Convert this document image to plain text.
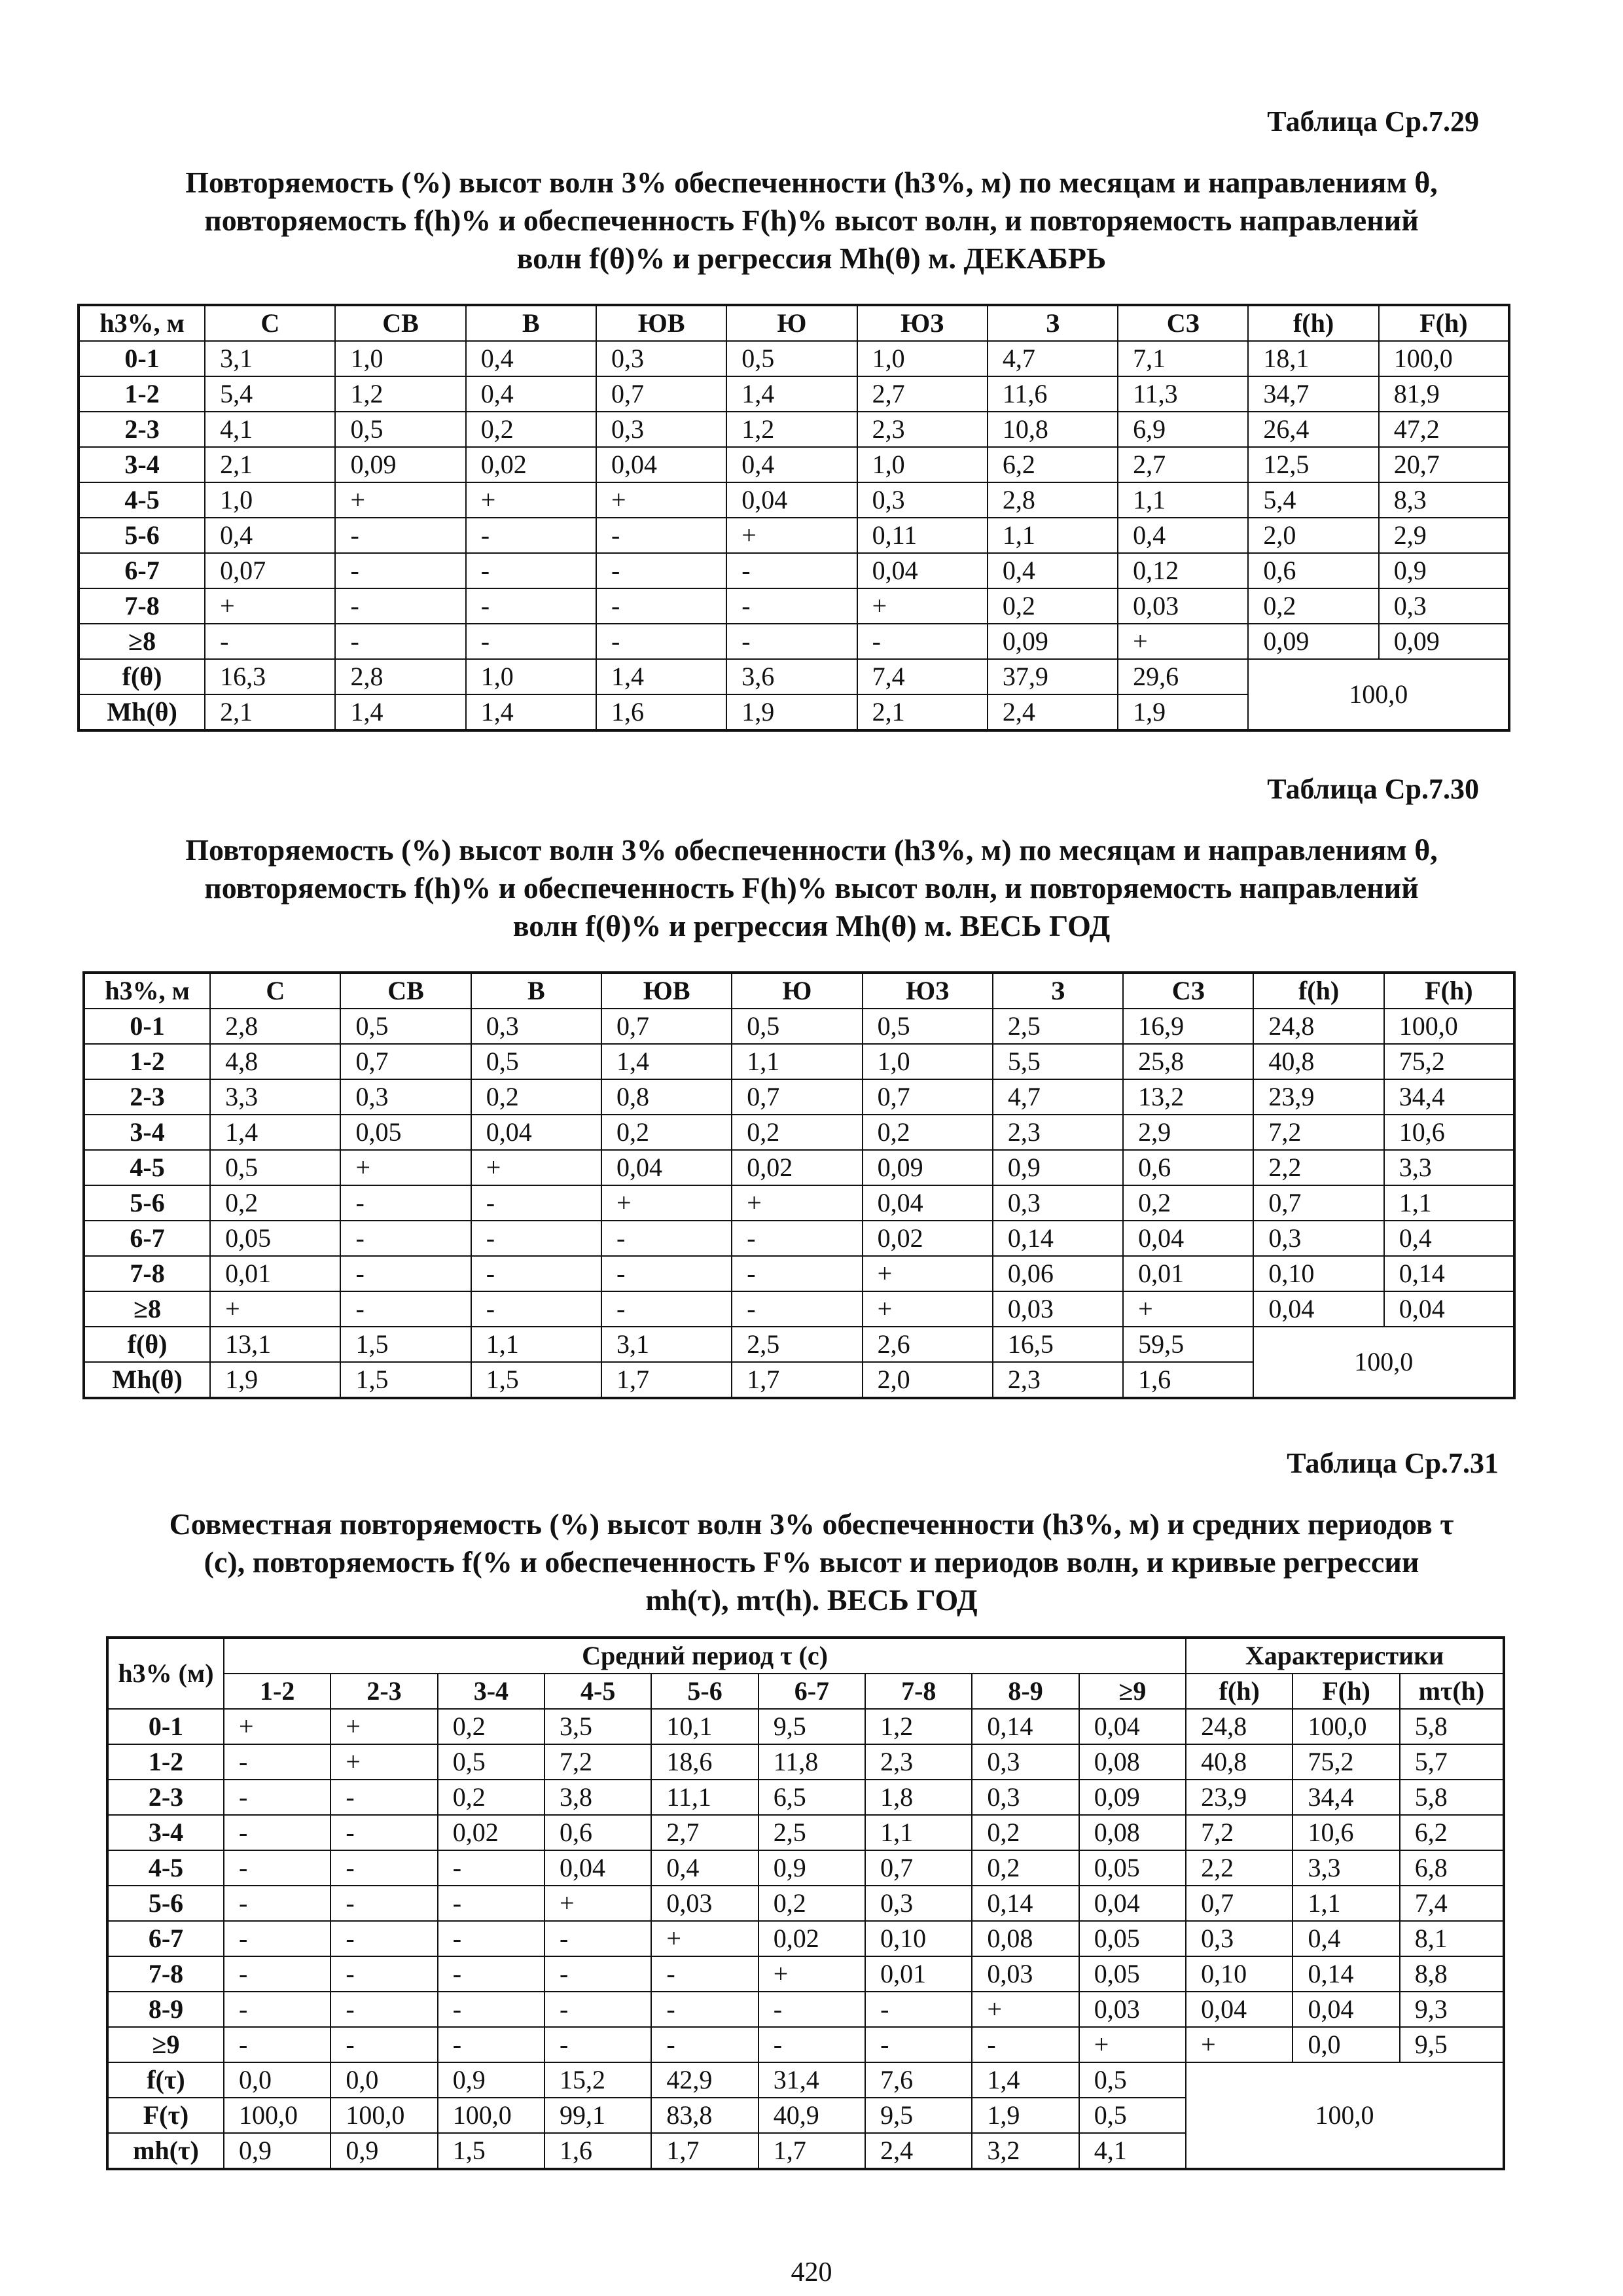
Таблица Ср.7.29
Повторяемость (%) высот волн 3% обеспеченности (h3%, м) по месяцам и направлениям θ,
повторяемость f(h)% и обеспеченность F(h)% высот волн, и повторяемость направлений
волн f(θ)% и регрессия Mh(θ) м. ДЕКАБРЬ
h3%, м	С	СВ	В	ЮВ	Ю	ЮЗ	З	СЗ	f(h)	F(h)
0-1	3,1	1,0	0,4	0,3	0,5	1,0	4,7	7,1	18,1	100,0
1-2	5,4	1,2	0,4	0,7	1,4	2,7	11,6	11,3	34,7	81,9
2-3	4,1	0,5	0,2	0,3	1,2	2,3	10,8	6,9	26,4	47,2
3-4	2,1	0,09	0,02	0,04	0,4	1,0	6,2	2,7	12,5	20,7
4-5	1,0	+	+	+	0,04	0,3	2,8	1,1	5,4	8,3
5-6	0,4	-	-	-	+	0,11	1,1	0,4	2,0	2,9
6-7	0,07	-	-	-	-	0,04	0,4	0,12	0,6	0,9
7-8	+	-	-	-	-	+	0,2	0,03	0,2	0,3
≥8	-	-	-	-	-	-	0,09	+	0,09	0,09
f(θ)	16,3	2,8	1,0	1,4	3,6	7,4	37,9	29,6	100,0	
Mh(θ)	2,1	1,4	1,4	1,6	1,9	2,1	2,4	1,9		
Таблица Ср.7.30
Повторяемость (%) высот волн 3% обеспеченности (h3%, м) по месяцам и направлениям θ,
повторяемость f(h)% и обеспеченность F(h)% высот волн, и повторяемость направлений
волн f(θ)% и регрессия Mh(θ) м. ВЕСЬ ГОД
h3%, м	С	СВ	В	ЮВ	Ю	ЮЗ	З	СЗ	f(h)	F(h)
0-1	2,8	0,5	0,3	0,7	0,5	0,5	2,5	16,9	24,8	100,0
1-2	4,8	0,7	0,5	1,4	1,1	1,0	5,5	25,8	40,8	75,2
2-3	3,3	0,3	0,2	0,8	0,7	0,7	4,7	13,2	23,9	34,4
3-4	1,4	0,05	0,04	0,2	0,2	0,2	2,3	2,9	7,2	10,6
4-5	0,5	+	+	0,04	0,02	0,09	0,9	0,6	2,2	3,3
5-6	0,2	-	-	+	+	0,04	0,3	0,2	0,7	1,1
6-7	0,05	-	-	-	-	0,02	0,14	0,04	0,3	0,4
7-8	0,01	-	-	-	-	+	0,06	0,01	0,10	0,14
≥8	+	-	-	-	-	+	0,03	+	0,04	0,04
f(θ)	13,1	1,5	1,1	3,1	2,5	2,6	16,5	59,5	100,0	
Mh(θ)	1,9	1,5	1,5	1,7	1,7	2,0	2,3	1,6		
Таблица Ср.7.31
Совместная повторяемость (%) высот волн 3% обеспеченности (h3%, м) и средних периодов τ
(с), повторяемость f(% и обеспеченность F% высот и периодов волн, и кривые регрессии
mh(τ), mτ(h). ВЕСЬ ГОД
h3% (м)	Средний период τ (с)									Характеристики		
	1-2	2-3	3-4	4-5	5-6	6-7	7-8	8-9	≥9	f(h)	F(h)	mτ(h)
0-1	+	+	0,2	3,5	10,1	9,5	1,2	0,14	0,04	24,8	100,0	5,8
1-2	-	+	0,5	7,2	18,6	11,8	2,3	0,3	0,08	40,8	75,2	5,7
2-3	-	-	0,2	3,8	11,1	6,5	1,8	0,3	0,09	23,9	34,4	5,8
3-4	-	-	0,02	0,6	2,7	2,5	1,1	0,2	0,08	7,2	10,6	6,2
4-5	-	-	-	0,04	0,4	0,9	0,7	0,2	0,05	2,2	3,3	6,8
5-6	-	-	-	+	0,03	0,2	0,3	0,14	0,04	0,7	1,1	7,4
6-7	-	-	-	-	+	0,02	0,10	0,08	0,05	0,3	0,4	8,1
7-8	-	-	-	-	-	+	0,01	0,03	0,05	0,10	0,14	8,8
8-9	-	-	-	-	-	-	-	+	0,03	0,04	0,04	9,3
≥9	-	-	-	-	-	-	-	-	+	+	0,0	9,5
f(τ)	0,0	0,0	0,9	15,2	42,9	31,4	7,6	1,4	0,5	100,0		
F(τ)	100,0	100,0	100,0	99,1	83,8	40,9	9,5	1,9	0,5			
mh(τ)	0,9	0,9	1,5	1,6	1,7	1,7	2,4	3,2	4,1			
420
